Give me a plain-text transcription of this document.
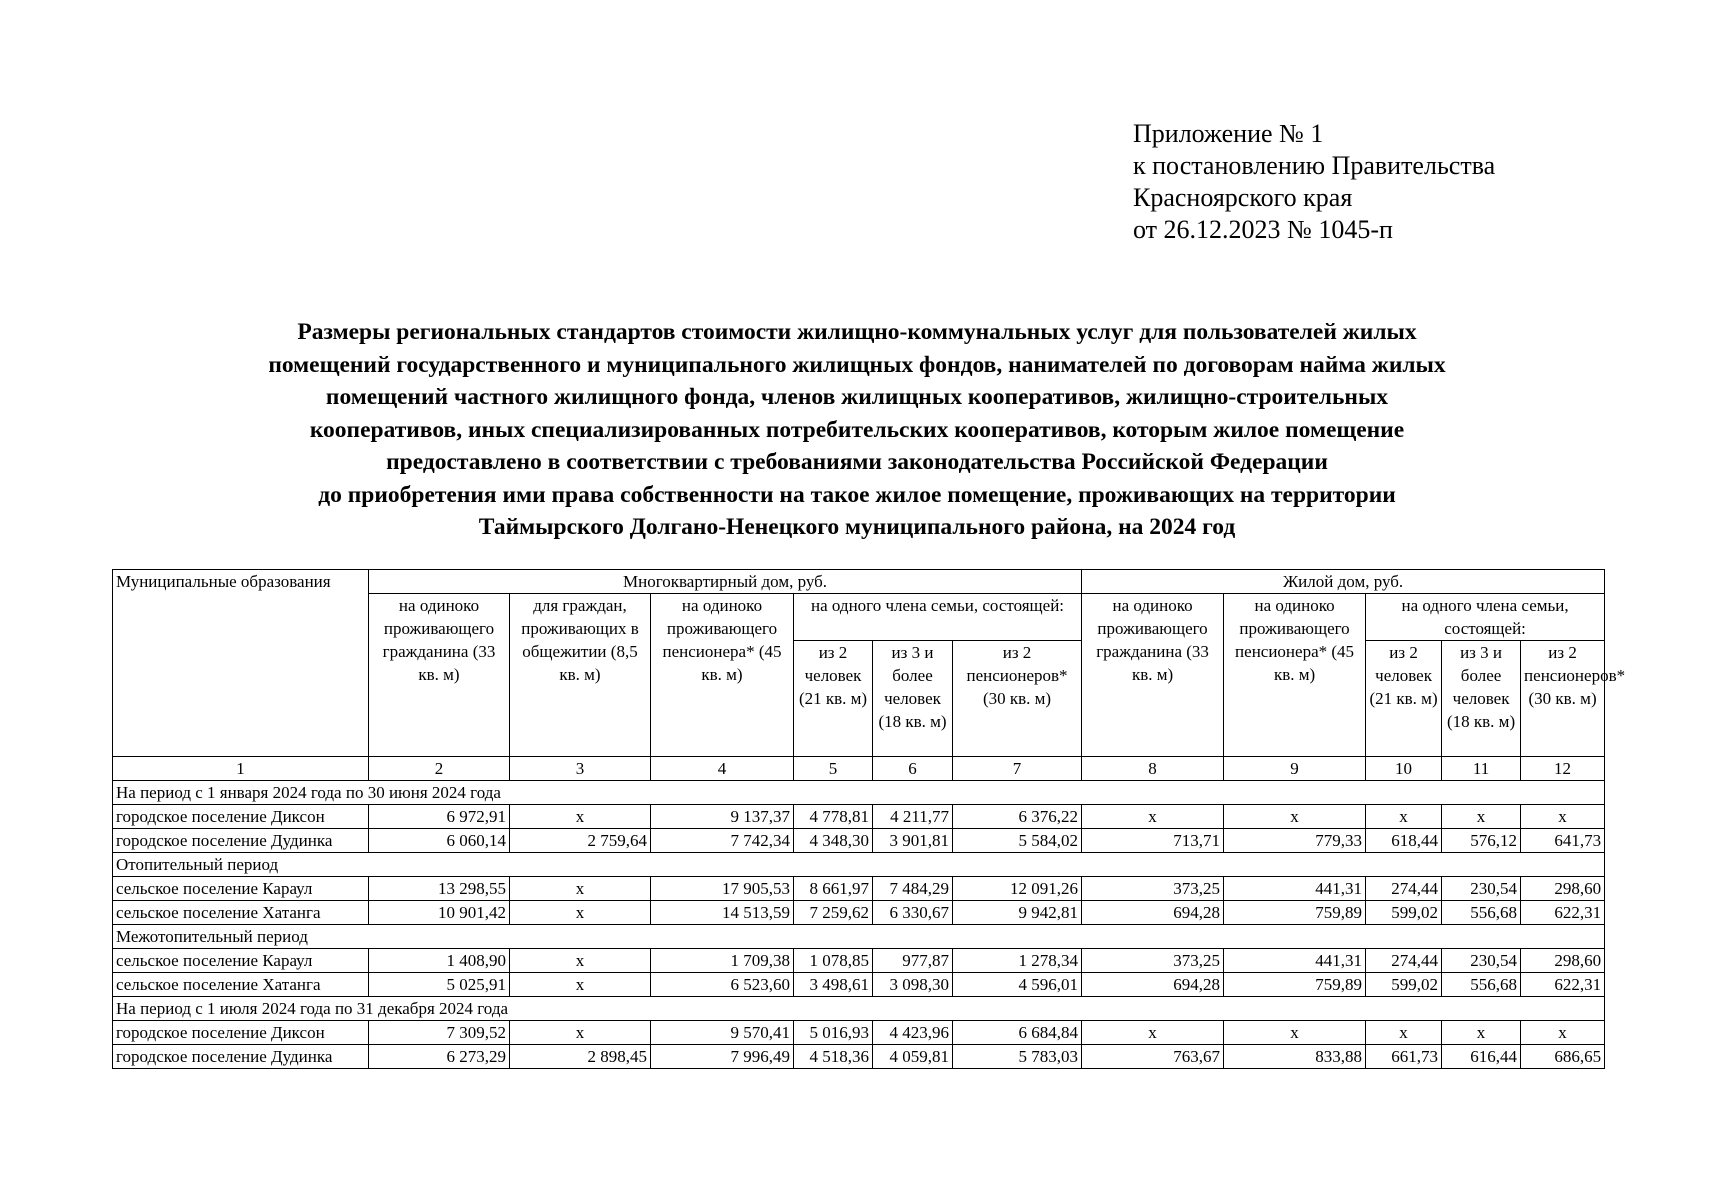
Приложение № 1
к постановлению Правительства
Красноярского края
от 26.12.2023 № 1045-п
Размеры региональных стандартов стоимости жилищно-коммунальных услуг для пользователей жилых
помещений государственного и муниципального жилищных фондов, нанимателей по договорам найма жилых
помещений частного жилищного фонда, членов жилищных кооперативов, жилищно-строительных
кооперативов, иных специализированных потребительских кооперативов, которым жилое помещение
предоставлено в соответствии с требованиями законодательства Российской Федерации
до приобретения ими права собственности на такое жилое помещение, проживающих на территории
Таймырского Долгано-Ненецкого муниципального района, на 2024 год
Муниципальные образования	Многоквартирный дом, руб.						Жилой дом, руб.				
	на одиноко проживающего гражданина (33 кв. м)	для граждан, проживающих в общежитии (8,5 кв. м)	на одиноко проживающего пенсионера* (45 кв. м)	на одного члена семьи, состоящей:			на одиноко проживающего гражданина (33 кв. м)	на одиноко проживающего пенсионера* (45 кв. м)	на одного члена семьи, состоящей:		
				из 2 человек (21 кв. м)	из 3 и более человек (18 кв. м)	из 2 пенсионеров* (30 кв. м)			из 2 человек (21 кв. м)	из 3 и более человек (18 кв. м)	из 2 пенсионеров* (30 кв. м)
1	2	3	4	5	6	7	8	9	10	11	12
На период с 1 января 2024 года по 30 июня 2024 года											
городское поселение Диксон	6 972,91	x	9 137,37	4 778,81	4 211,77	6 376,22	x	x	x	x	x
городское поселение Дудинка	6 060,14	2 759,64	7 742,34	4 348,30	3 901,81	5 584,02	713,71	779,33	618,44	576,12	641,73
Отопительный период											
сельское поселение Караул	13 298,55	x	17 905,53	8 661,97	7 484,29	12 091,26	373,25	441,31	274,44	230,54	298,60
сельское поселение Хатанга	10 901,42	x	14 513,59	7 259,62	6 330,67	9 942,81	694,28	759,89	599,02	556,68	622,31
Межотопительный период											
сельское поселение Караул	1 408,90	x	1 709,38	1 078,85	977,87	1 278,34	373,25	441,31	274,44	230,54	298,60
сельское поселение Хатанга	5 025,91	x	6 523,60	3 498,61	3 098,30	4 596,01	694,28	759,89	599,02	556,68	622,31
На период с 1 июля 2024 года по 31 декабря 2024 года											
городское поселение Диксон	7 309,52	x	9 570,41	5 016,93	4 423,96	6 684,84	x	x	x	x	x
городское поселение Дудинка	6 273,29	2 898,45	7 996,49	4 518,36	4 059,81	5 783,03	763,67	833,88	661,73	616,44	686,65
